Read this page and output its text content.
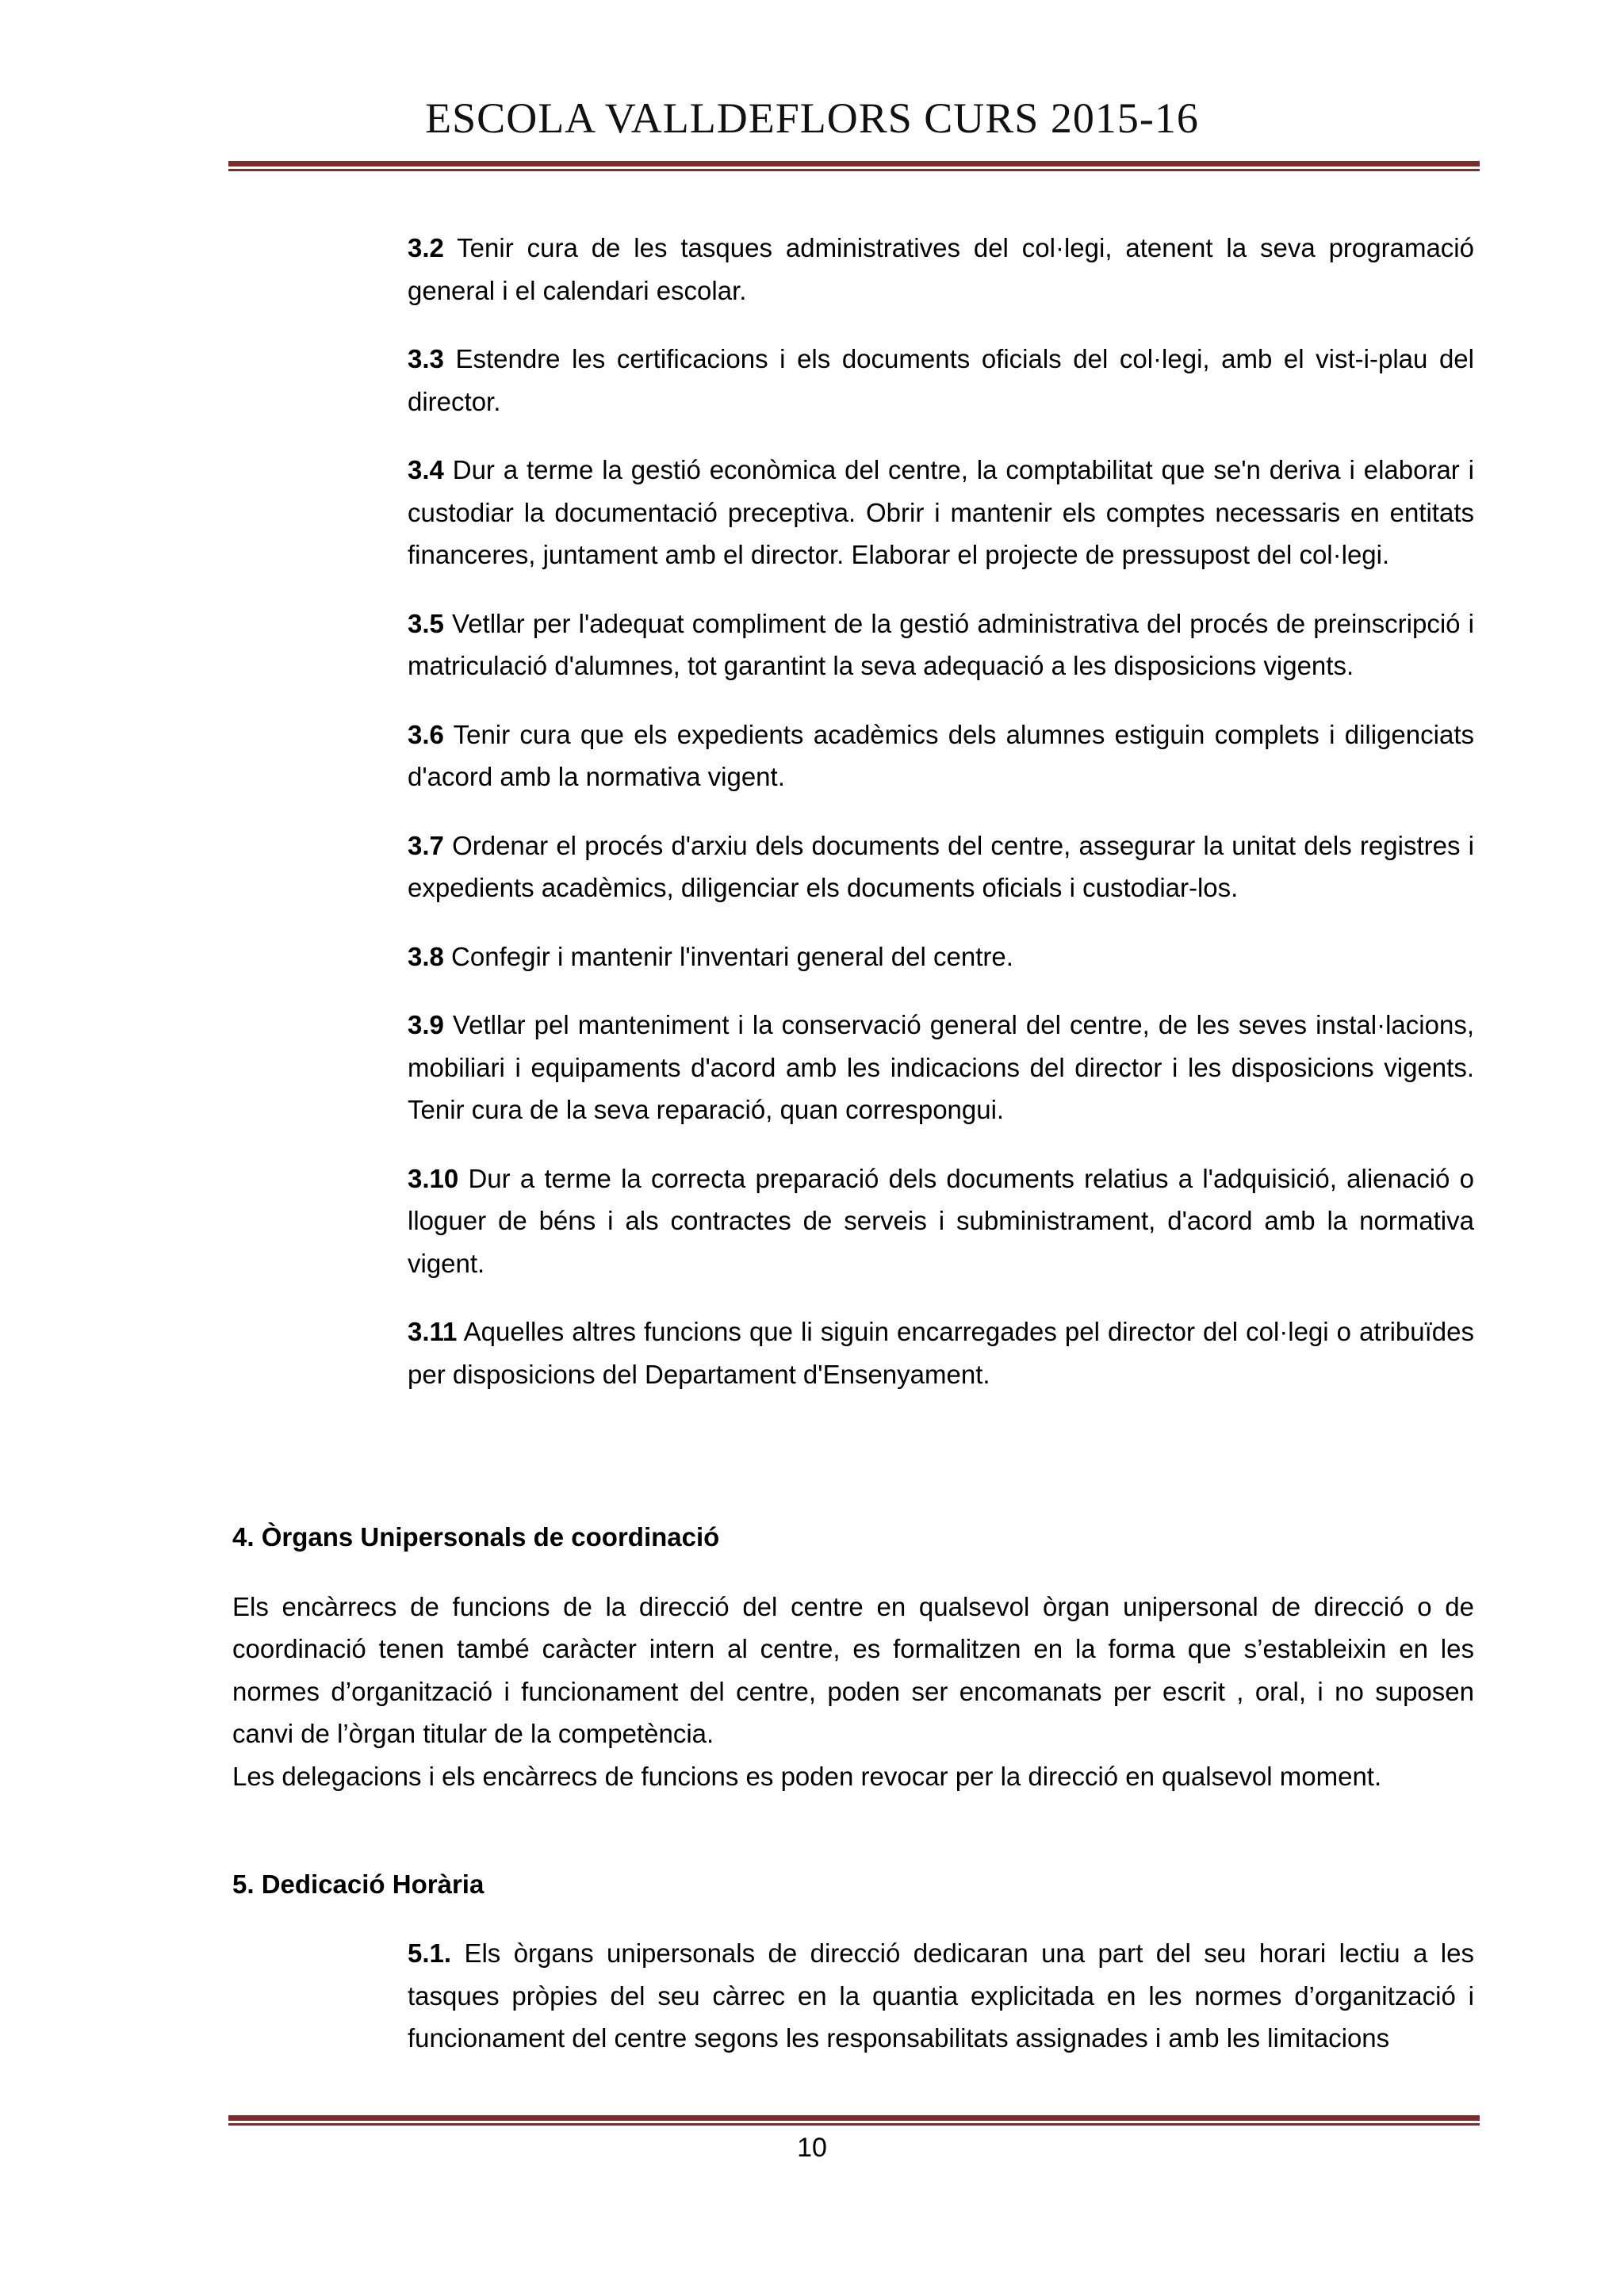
ESCOLA VALLDEFLORS CURS 2015-16
3.2 Tenir cura de les tasques administratives del col·legi, atenent la seva programació general i el calendari escolar.
3.3 Estendre les certificacions i els documents oficials del col·legi, amb el vist-i-plau del director.
3.4 Dur a terme la gestió econòmica del centre, la comptabilitat que se'n deriva i elaborar i custodiar la documentació preceptiva. Obrir i mantenir els comptes necessaris en entitats financeres, juntament amb el director. Elaborar el projecte de pressupost del col·legi.
3.5 Vetllar per l'adequat compliment de la gestió administrativa del procés de preinscripció i matriculació d'alumnes, tot garantint la seva adequació a les disposicions vigents.
3.6 Tenir cura que els expedients acadèmics dels alumnes estiguin complets i diligenciats d'acord amb la normativa vigent.
3.7 Ordenar el procés d'arxiu dels documents del centre, assegurar la unitat dels registres i expedients acadèmics, diligenciar els documents oficials i custodiar-los.
3.8 Confegir i mantenir l'inventari general del centre.
3.9 Vetllar pel manteniment i la conservació general del centre, de les seves instal·lacions, mobiliari i equipaments d'acord amb les indicacions del director i les disposicions vigents. Tenir cura de la seva reparació, quan correspongui.
3.10 Dur a terme la correcta preparació dels documents relatius a l'adquisició, alienació o lloguer de béns i als contractes de serveis i subministrament, d'acord amb la normativa vigent.
3.11 Aquelles altres funcions que li siguin encarregades pel director del col·legi o atribuïdes per disposicions del Departament d'Ensenyament.
4. Òrgans Unipersonals de coordinació
Els encàrrecs de funcions de la direcció del centre en qualsevol òrgan unipersonal de direcció o de coordinació tenen també caràcter intern al centre, es formalitzen en la forma que s’estableixin en les normes d’organització i funcionament del centre, poden ser encomanats per escrit , oral, i no suposen canvi de l’òrgan titular de la competència.
Les delegacions i els encàrrecs de funcions es poden revocar per la direcció en qualsevol moment.
5. Dedicació Horària
5.1. Els òrgans unipersonals de direcció dedicaran una part del seu horari lectiu a les tasques pròpies del seu càrrec en la quantia explicitada en les normes d’organització i funcionament del centre segons les responsabilitats assignades i amb les limitacions
10
